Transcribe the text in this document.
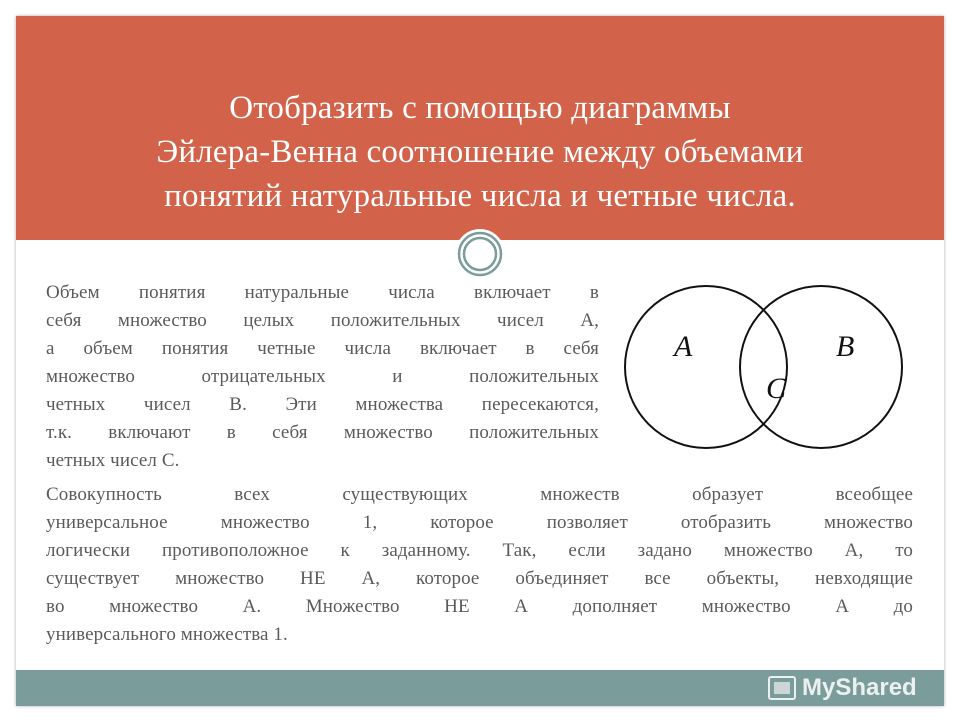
Отобразить с помощью диаграммы
Эйлера-Венна соотношение между объемами
понятий натуральные числа и четные числа.
Объем понятия натуральные числа включает в
себя множество целых положительных чисел А,
а объем понятия четные числа включает в себя
множество отрицательных и положительных
четных чисел В. Эти множества пересекаются,
т.к. включают в себя множество положительных
четных чисел С.
A	B
C
Совокупность всех существующих множеств образует всеобщее
универсальное множество 1, которое позволяет отобразить множество
логически противоположное к заданному. Так, если задано множество А, то
существует множество НЕ А, которое объединяет все объекты, невходящие
во множество А. Множество НЕ А дополняет множество А до
универсального множества 1.
MyShared
